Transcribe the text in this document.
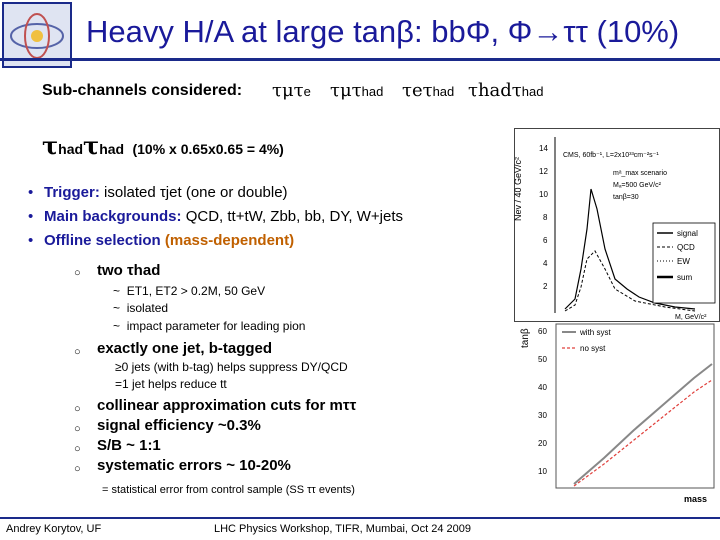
Heavy H/A at large tanβ: bbΦ, Φ→ττ (10%)
Sub-channels considered: τμτe τμτhad τeτhad τhadτhad
τhadτhad (10% x 0.65x0.65 = 4%)
• Trigger: isolated τjet (one or double)
• Main backgrounds: QCD, tt+tW, Zbb, bb, DY, W+jets
• Offline selection (mass-dependent)
○ two τhad
~  ET1, ET2 > 0.2M, 50 GeV
~  isolated
~  impact parameter for leading pion
○ exactly one jet, b-tagged
≥0 jets (with b-tag) helps suppress DY/QCD
=1 jet helps reduce tt
○ collinear approximation cuts for mττ
○ signal efficiency ~0.3%
○ S/B ~ 1:1
○ systematic errors ~ 10-20%
= statistical error from control sample (SS ττ events)
Nev / 40 GeV/c²
14
12
10
8
6
4
2
CMS, 60fb⁻¹, L=2x10³³cm⁻²s⁻¹
mᵃ_max scenario
Mₐ=500 GeV/c²
tanβ=30
signal
QCD
EW
sum
M, GeV/c²
tanβ 60
50
40
30
20
10
with syst
no syst
mass
Andrey Korytov, UF	LHC Physics Workshop, TIFR, Mumbai, Oct 24 2009
